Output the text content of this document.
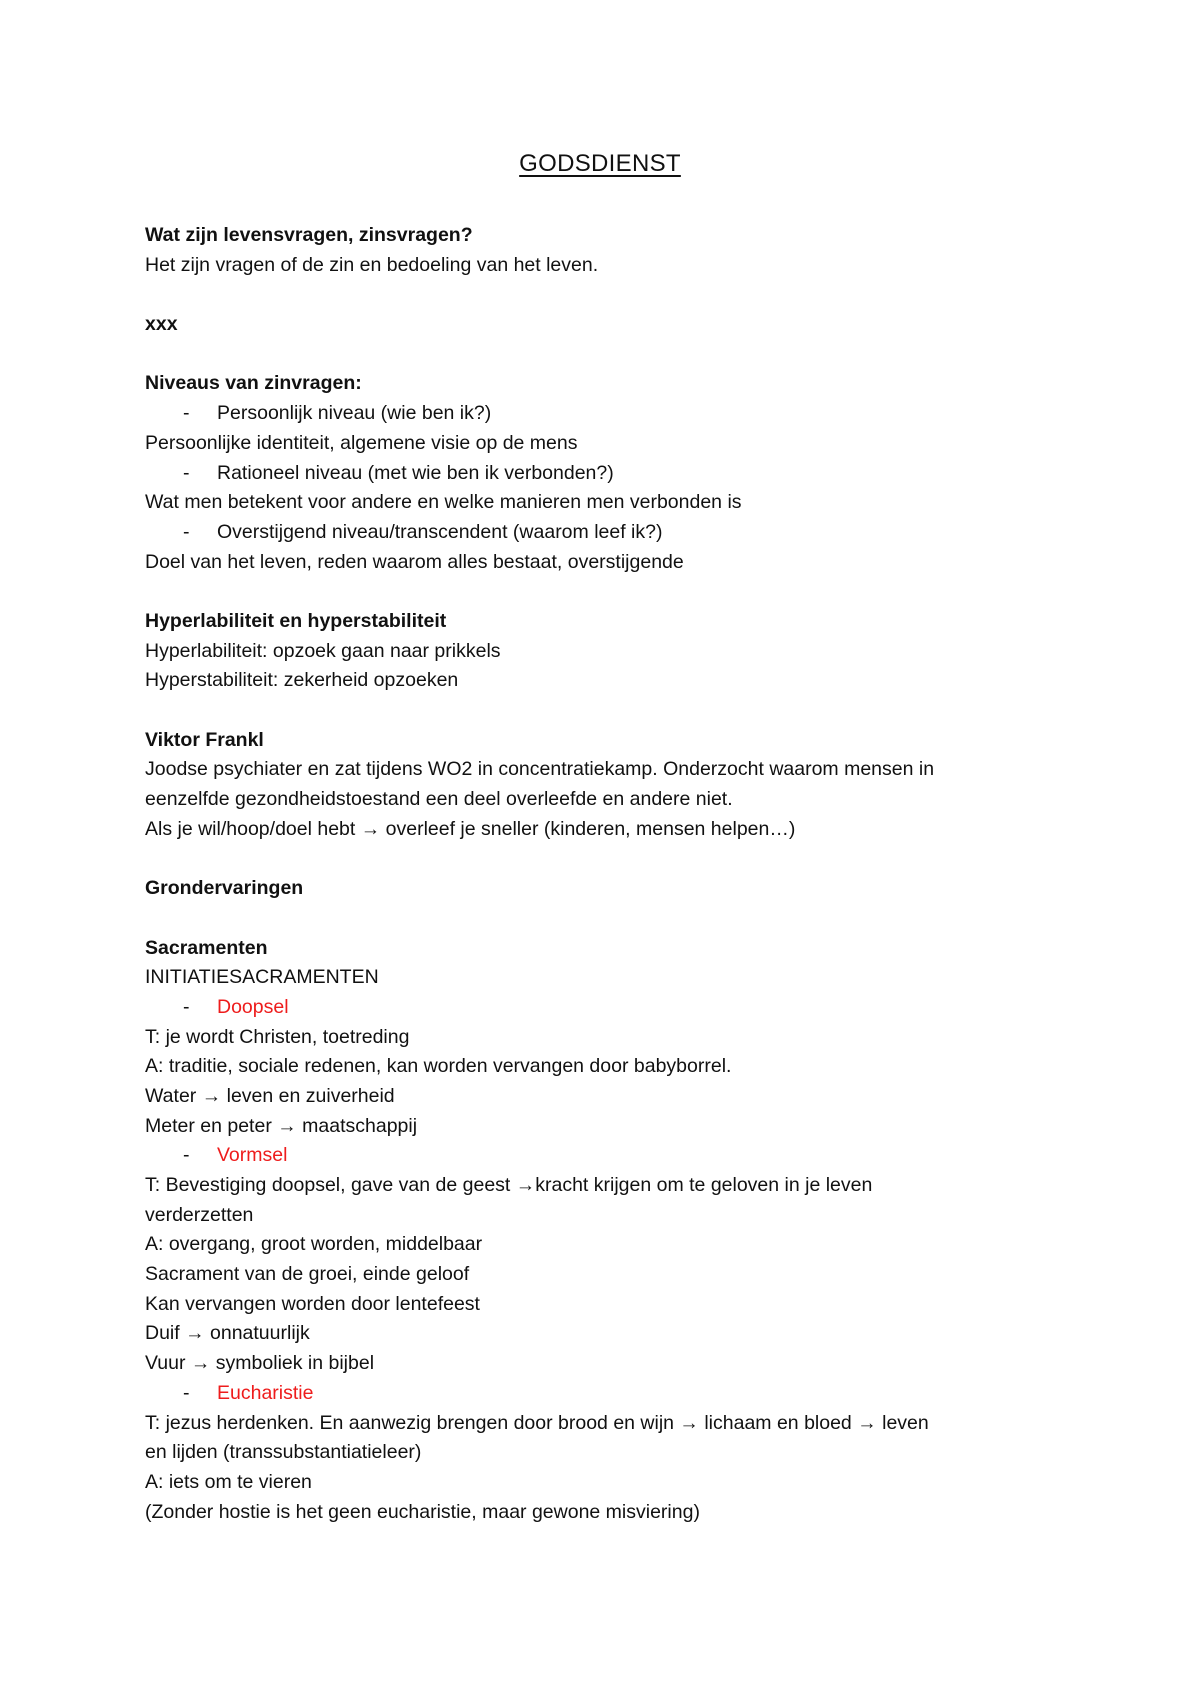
GODSDIENST
Wat zijn levensvragen, zinsvragen?
Het zijn vragen of de zin en bedoeling van het leven.
xxx
Niveaus van zinvragen:
- Persoonlijk niveau (wie ben ik?)
Persoonlijke identiteit, algemene visie op de mens
- Rationeel niveau (met wie ben ik verbonden?)
Wat men betekent voor andere en welke manieren men verbonden is
- Overstijgend niveau/transcendent (waarom leef ik?)
Doel van het leven, reden waarom alles bestaat, overstijgende
Hyperlabiliteit en hyperstabiliteit
Hyperlabiliteit: opzoek gaan naar prikkels
Hyperstabiliteit: zekerheid opzoeken
Viktor Frankl
Joodse psychiater en zat tijdens WO2 in concentratiekamp. Onderzocht waarom mensen in
eenzelfde gezondheidstoestand een deel overleefde en andere niet.
Als je wil/hoop/doel hebt → overleef je sneller (kinderen, mensen helpen…)
Grondervaringen
Sacramenten
INITIATIESACRAMENTEN
- Doopsel
T: je wordt Christen, toetreding
A: traditie, sociale redenen, kan worden vervangen door babyborrel.
Water → leven en zuiverheid
Meter en peter → maatschappij
- Vormsel
T: Bevestiging doopsel, gave van de geest →kracht krijgen om te geloven in je leven
verderzetten
A: overgang, groot worden, middelbaar
Sacrament van de groei, einde geloof
Kan vervangen worden door lentefeest
Duif → onnatuurlijk
Vuur → symboliek in bijbel
- Eucharistie
T: jezus herdenken. En aanwezig brengen door brood en wijn → lichaam en bloed → leven
en lijden (transsubstantiatieleer)
A: iets om te vieren
(Zonder hostie is het geen eucharistie, maar gewone misviering)
